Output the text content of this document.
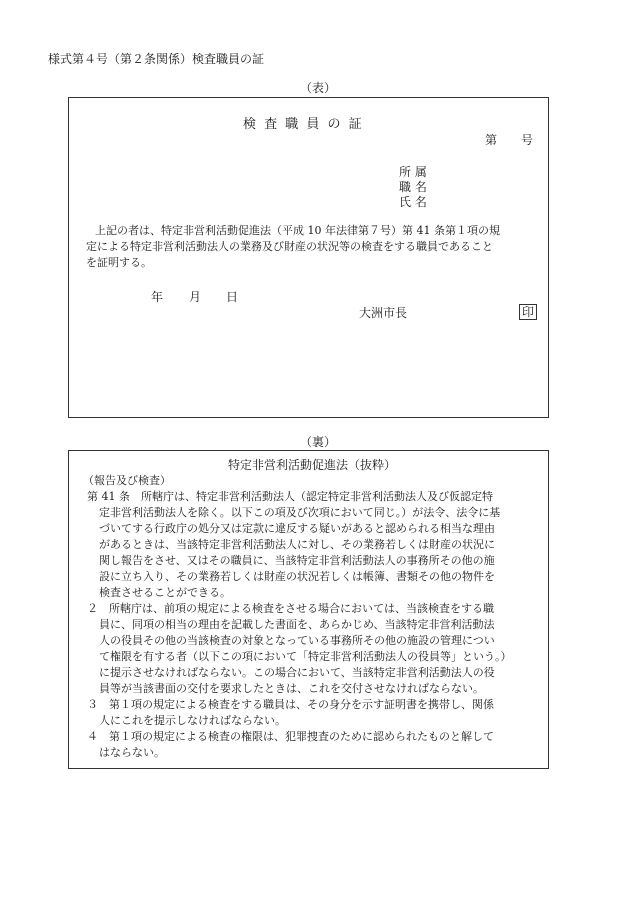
様式第４号（第２条関係）検査職員の証
（表）
検 査 職 員 の 証
第　　号
所 属
職 名
氏 名
上記の者は、特定非営利活動促進法（平成 10 年法律第７号）第 41 条第１項の規
定による特定非営利活動法人の業務及び財産の状況等の検査をする職員であること
を証明する。
年 月 日
大洲市長	印
（裏）
特定非営利活動促進法（抜粋）
（報告及び検査）
第 41 条　所轄庁は、特定非営利活動法人（認定特定非営利活動法人及び仮認定特
定非営利活動法人を除く。以下この項及び次項において同じ。）が法令、法令に基
づいてする行政庁の処分又は定款に違反する疑いがあると認められる相当な理由
があるときは、当該特定非営利活動法人に対し、その業務若しくは財産の状況に
関し報告をさせ、又はその職員に、当該特定非営利活動法人の事務所その他の施
設に立ち入り、その業務若しくは財産の状況若しくは帳簿、書類その他の物件を
検査させることができる。
２　所轄庁は、前項の規定による検査をさせる場合においては、当該検査をする職
員に、同項の相当の理由を記載した書面を、あらかじめ、当該特定非営利活動法
人の役員その他の当該検査の対象となっている事務所その他の施設の管理につい
て権限を有する者（以下この項において「特定非営利活動法人の役員等」という。）
に提示させなければならない。この場合において、当該特定非営利活動法人の役
員等が当該書面の交付を要求したときは、これを交付させなければならない。
３　第１項の規定による検査をする職員は、その身分を示す証明書を携帯し、関係
人にこれを提示しなければならない。
４　第１項の規定による検査の権限は、犯罪捜査のために認められたものと解して
はならない。
